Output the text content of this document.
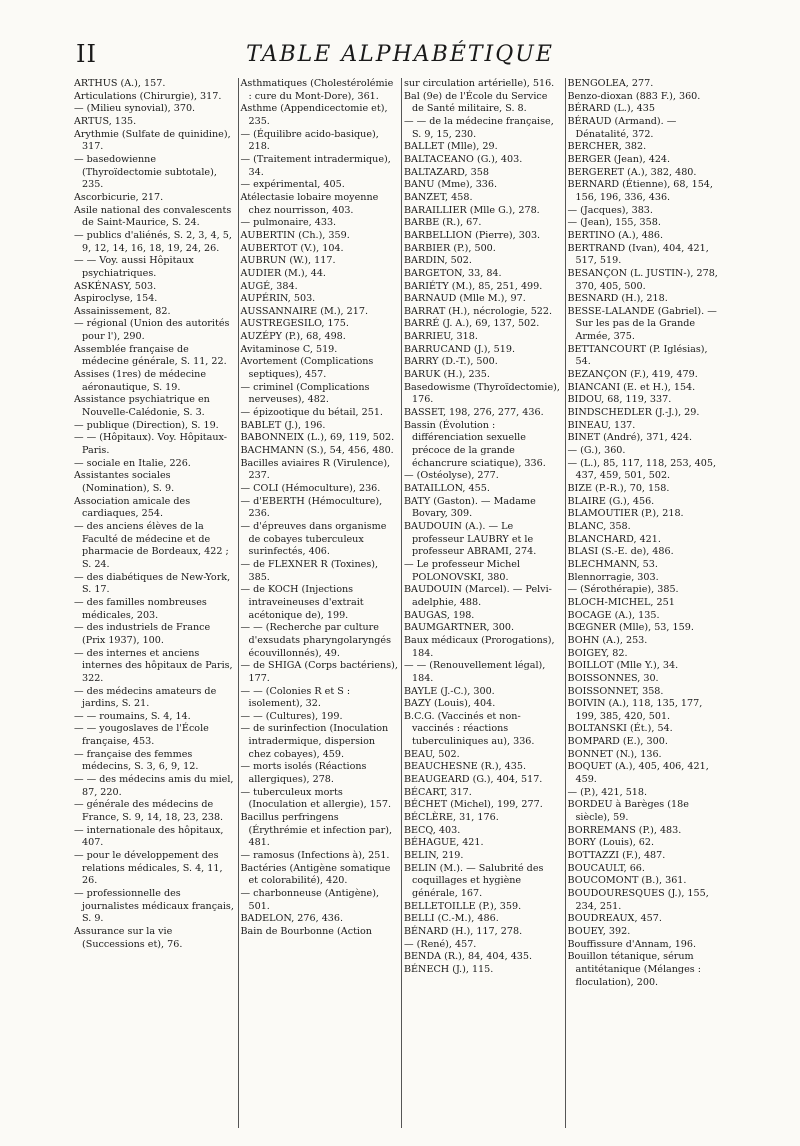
II	TABLE ALPHABÉTIQUE

ARTHUS (A.), 157.

Articulations (Chirurgie), 317.

— (Milieu synovial), 370.

ARTUS, 135.

Arythmie (Sulfate de quinidine), 317.

— basedowienne (Thyroïdectomie subtotale), 235.

Ascorbicurie, 217.

Asile national des convalescents de Saint-Maurice, S. 24.

— publics d'aliénés, S. 2, 3, 4, 5, 9, 12, 14, 16, 18, 19, 24, 26.

— — Voy. aussi Hôpitaux psychiatriques.

ASKÉNASY, 503.

Aspiroclyse, 154.

Assainissement, 82.

— régional (Union des autorités pour l'), 290.

Assemblée française de médecine générale, S. 11, 22.

Assises (1res) de médecine aéronautique, S. 19.

Assistance psychiatrique en Nouvelle-Calédonie, S. 3.

— publique (Direction), S. 19.

— — (Hôpitaux). Voy. Hôpitaux-Paris.

— sociale en Italie, 226.

Assistantes sociales (Nomination), S. 9.

Association amicale des cardiaques, 254.

— des anciens élèves de la Faculté de médecine et de pharmacie de Bordeaux, 422 ; S. 24.

— des diabétiques de New-York, S. 17.

— des familles nombreuses médicales, 203.

— des industriels de France (Prix 1937), 100.

— des internes et anciens internes des hôpitaux de Paris, 322.

— des médecins amateurs de jardins, S. 21.

— — roumains, S. 4, 14.

— — yougoslaves de l'École française, 453.

— française des femmes médecins, S. 3, 6, 9, 12.

— — des médecins amis du miel, 87, 220.

— générale des médecins de France, S. 9, 14, 18, 23, 238.

— internationale des hôpitaux, 407.

— pour le développement des relations médicales, S. 4, 11, 26.

— professionnelle des journalistes médicaux français, S. 9.

Assurance sur la vie (Successions et), 76.

Asthmatiques (Cholestérolémie : cure du Mont-Dore), 361.

Asthme (Appendicectomie et), 235.

— (Équilibre acido-basique), 218.

— (Traitement intradermique), 34.

— expérimental, 405.

Atélectasie lobaire moyenne chez nourrisson, 403.

— pulmonaire, 433.

AUBERTIN (Ch.), 359.

AUBERTOT (V.), 104.

AUBRUN (W.), 117.

AUDIER (M.), 44.

AUGÉ, 384.

AUPÉRIN, 503.

AUSSANNAIRE (M.), 217.

AUSTREGESILO, 175.

AUZÉPY (P.), 68, 498.

Avitaminose C, 519.

Avortement (Complications septiques), 457.

— criminel (Complications nerveuses), 482.

— épizootique du bétail, 251.

BABLET (J.), 196.

BABONNEIX (L.), 69, 119, 502.

BACHMANN (S.), 54, 456, 480.

Bacilles aviaires R (Virulence), 237.

— COLI (Hémoculture), 236.

— d'EBERTH (Hémoculture), 236.

— d'épreuves dans organisme de cobayes tuberculeux surinfectés, 406.

— de FLEXNER R (Toxines), 385.

— de KOCH (Injections intraveineuses d'extrait acétonique de), 199.

— — (Recherche par culture d'exsudats pharyngolaryngés écouvillonnés), 49.

— de SHIGA (Corps bactériens), 177.

— — (Colonies R et S : isolement), 32.

— — (Cultures), 199.

— de surinfection (Inoculation intradermique, dispersion chez cobayes), 459.

— morts isolés (Réactions allergiques), 278.

— tuberculeux morts (Inoculation et allergie), 157.

Bacillus perfringens (Érythrémie et infection par), 481.

— ramosus (Infections à), 251.

Bactéries (Antigène somatique et colorabilité), 420.

— charbonneuse (Antigène), 501.

BADELON, 276, 436.

Bain de Bourbonne (Action

sur circulation artérielle), 516.

Bal (9e) de l'École du Service de Santé militaire, S. 8.

— — de la médecine française, S. 9, 15, 230.

BALLET (Mlle), 29.

BALTACEANO (G.), 403.

BALTAZARD, 358

BANU (Mme), 336.

BANZET, 458.

BARAILLIER (Mlle G.), 278.

BARBE (R.), 67.

BARBELLION (Pierre), 303.

BARBIER (P.), 500.

BARDIN, 502.

BARGETON, 33, 84.

BARIÉTY (M.), 85, 251, 499.

BARNAUD (Mlle M.), 97.

BARRAT (H.), nécrologie, 522.

BARRÉ (J. A.), 69, 137, 502.

BARRIEU, 318.

BARRUCAND (J.), 519.

BARRY (D.-T.), 500.

BARUK (H.), 235.

Basedowisme (Thyroïdectomie), 176.

BASSET, 198, 276, 277, 436.

Bassin (Évolution : différenciation sexuelle précoce de la grande échancrure sciatique), 336.

— (Ostéolyse), 277.

BATAILLON, 455.

BATY (Gaston). — Madame Bovary, 309.

BAUDOUIN (A.). — Le professeur LAUBRY et le professeur ABRAMI, 274.

— Le professeur Michel POLONOVSKI, 380.

BAUDOUIN (Marcel). — Pelvi-adelphie, 488.

BAUGAS, 198.

BAUMGARTNER, 300.

Baux médicaux (Prorogations), 184.

— — (Renouvellement légal), 184.

BAYLE (J.-C.), 300.

BAZY (Louis), 404.

B.C.G. (Vaccinés et non-vaccinés : réactions tuberculiniques au), 336.

BEAU, 502.

BEAUCHESNE (R.), 435.

BEAUGEARD (G.), 404, 517.

BÉCART, 317.

BÉCHET (Michel), 199, 277.

BÉCLÈRE, 31, 176.

BECQ, 403.

BÉHAGUE, 421.

BELIN, 219.

BELIN (M.). — Salubrité des coquillages et hygiène générale, 167.

BELLETOILLE (P.), 359.

BELLI (C.-M.), 486.

BÉNARD (H.), 117, 278.

— (René), 457.

BENDA (R.), 84, 404, 435.

BÉNECH (J.), 115.

BENGOLEA, 277.

Benzo-dioxan (883 F.), 360.

BÉRARD (L.), 435

BÉRAUD (Armand). — Dénatalité, 372.

BERCHER, 382.

BERGER (Jean), 424.

BERGERET (A.), 382, 480.

BERNARD (Étienne), 68, 154, 156, 196, 336, 436.

— (Jacques), 383.

— (Jean), 155, 358.

BERTINO (A.), 486.

BERTRAND (Ivan), 404, 421, 517, 519.

BESANÇON (L. JUSTIN-), 278, 370, 405, 500.

BESNARD (H.), 218.

BESSE-LALANDE (Gabriel). — Sur les pas de la Grande Armée, 375.

BETTANCOURT (P. Iglésias), 54.

BEZANÇON (F.), 419, 479.

BIANCANI (E. et H.), 154.

BIDOU, 68, 119, 337.

BINDSCHEDLER (J.-J.), 29.

BINEAU, 137.

BINET (André), 371, 424.

— (G.), 360.

— (L.), 85, 117, 118, 253, 405, 437, 459, 501, 502.

BIZE (P.-R.), 70, 158.

BLAIRE (G.), 456.

BLAMOUTIER (P.), 218.

BLANC, 358.

BLANCHARD, 421.

BLASI (S.-E. de), 486.

BLECHMANN, 53.

Blennorragie, 303.

— (Sérothérapie), 385.

BLOCH-MICHEL, 251

BOCAGE (A.), 135.

BŒGNER (Mlle), 53, 159.

BOHN (A.), 253.

BOIGEY, 82.

BOILLOT (Mlle Y.), 34.

BOISSONNES, 30.

BOISSONNET, 358.

BOIVIN (A.), 118, 135, 177, 199, 385, 420, 501.

BOLTANSKI (Ét.), 54.

BOMPARD (E.), 300.

BONNET (N.), 136.

BOQUET (A.), 405, 406, 421, 459.

— (P.), 421, 518.

BORDEU à Barèges (18e siècle), 59.

BORREMANS (P.), 483.

BORY (Louis), 62.

BOTTAZZI (F.), 487.

BOUCAULT, 66.

BOUCOMONT (B.), 361.

BOUDOURESQUES (J.), 155, 234, 251.

BOUDREAUX, 457.

BOUEY, 392.

Bouffissure d'Annam, 196.

Bouillon tétanique, sérum antitétanique (Mélanges : floculation), 200.
